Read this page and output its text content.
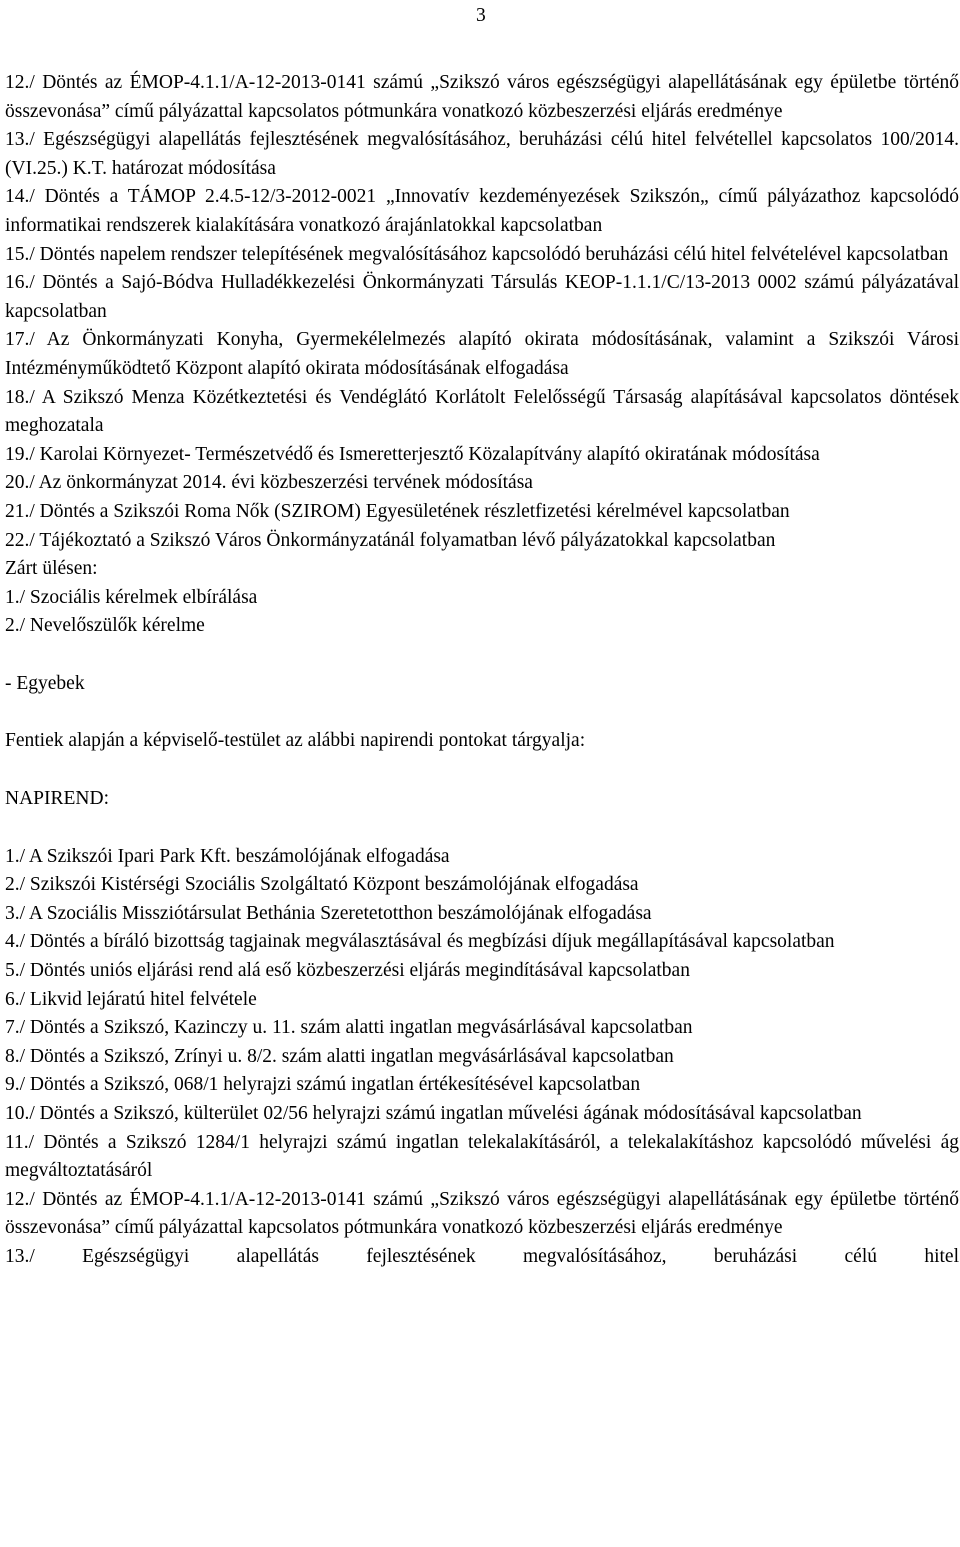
3

12./ Döntés az ÉMOP-4.1.1/A-12-2013-0141 számú „Szikszó város egészségügyi alapellátásának egy épületbe történő összevonása” című pályázattal kapcsolatos pótmunkára vonatkozó közbeszerzési eljárás eredménye

13./ Egészségügyi alapellátás fejlesztésének megvalósításához, beruházási célú hitel felvétellel kapcsolatos 100/2014.(VI.25.) K.T. határozat módosítása

14./ Döntés a TÁMOP 2.4.5-12/3-2012-0021 „Innovatív kezdeményezések Szikszón„ című pályázathoz kapcsolódó informatikai rendszerek kialakítására vonatkozó árajánlatokkal kapcsolatban

15./ Döntés napelem rendszer telepítésének megvalósításához kapcsolódó beruházási célú hitel felvételével kapcsolatban

16./ Döntés a Sajó-Bódva Hulladékkezelési Önkormányzati Társulás KEOP-1.1.1/C/13-2013 0002 számú pályázatával kapcsolatban

17./ Az Önkormányzati Konyha, Gyermekélelmezés alapító okirata módosításának, valamint a Szikszói Városi Intézményműködtető Központ alapító okirata módosításának elfogadása

18./ A Szikszó Menza Közétkeztetési és Vendéglátó Korlátolt Felelősségű Társaság alapításával kapcsolatos döntések meghozatala

19./ Karolai Környezet- Természetvédő és Ismeretterjesztő Közalapítvány alapító okiratának módosítása

20./ Az önkormányzat 2014. évi közbeszerzési tervének módosítása

21./ Döntés a Szikszói Roma Nők (SZIROM) Egyesületének részletfizetési kérelmével kapcsolatban

22./ Tájékoztató a Szikszó Város Önkormányzatánál folyamatban lévő pályázatokkal kapcsolatban

Zárt ülésen:

1./ Szociális kérelmek elbírálása

2./ Nevelőszülők kérelme

- Egyebek

Fentiek alapján a képviselő-testület az alábbi napirendi pontokat tárgyalja:

NAPIREND:

1./ A Szikszói Ipari Park Kft. beszámolójának elfogadása

2./ Szikszói Kistérségi Szociális Szolgáltató Központ beszámolójának elfogadása

3./ A Szociális Missziótársulat Bethánia Szeretetotthon beszámolójának elfogadása

4./ Döntés a bíráló bizottság tagjainak megválasztásával és megbízási díjuk megállapításával kapcsolatban

5./ Döntés uniós eljárási rend alá eső közbeszerzési eljárás megindításával kapcsolatban

6./ Likvid lejáratú hitel felvétele

7./ Döntés a Szikszó, Kazinczy u. 11. szám alatti ingatlan megvásárlásával kapcsolatban

8./ Döntés a Szikszó, Zrínyi u. 8/2. szám alatti ingatlan megvásárlásával kapcsolatban

9./ Döntés a Szikszó, 068/1 helyrajzi számú ingatlan értékesítésével kapcsolatban

10./ Döntés a Szikszó, külterület 02/56 helyrajzi számú ingatlan művelési ágának módosításával kapcsolatban

11./ Döntés a Szikszó 1284/1 helyrajzi számú ingatlan telekalakításáról, a telekalakításhoz kapcsolódó művelési ág megváltoztatásáról

12./ Döntés az ÉMOP-4.1.1/A-12-2013-0141 számú „Szikszó város egészségügyi alapellátásának egy épületbe történő összevonása” című pályázattal kapcsolatos pótmunkára vonatkozó közbeszerzési eljárás eredménye

13./ Egészségügyi alapellátás fejlesztésének megvalósításához, beruházási célú hitel
